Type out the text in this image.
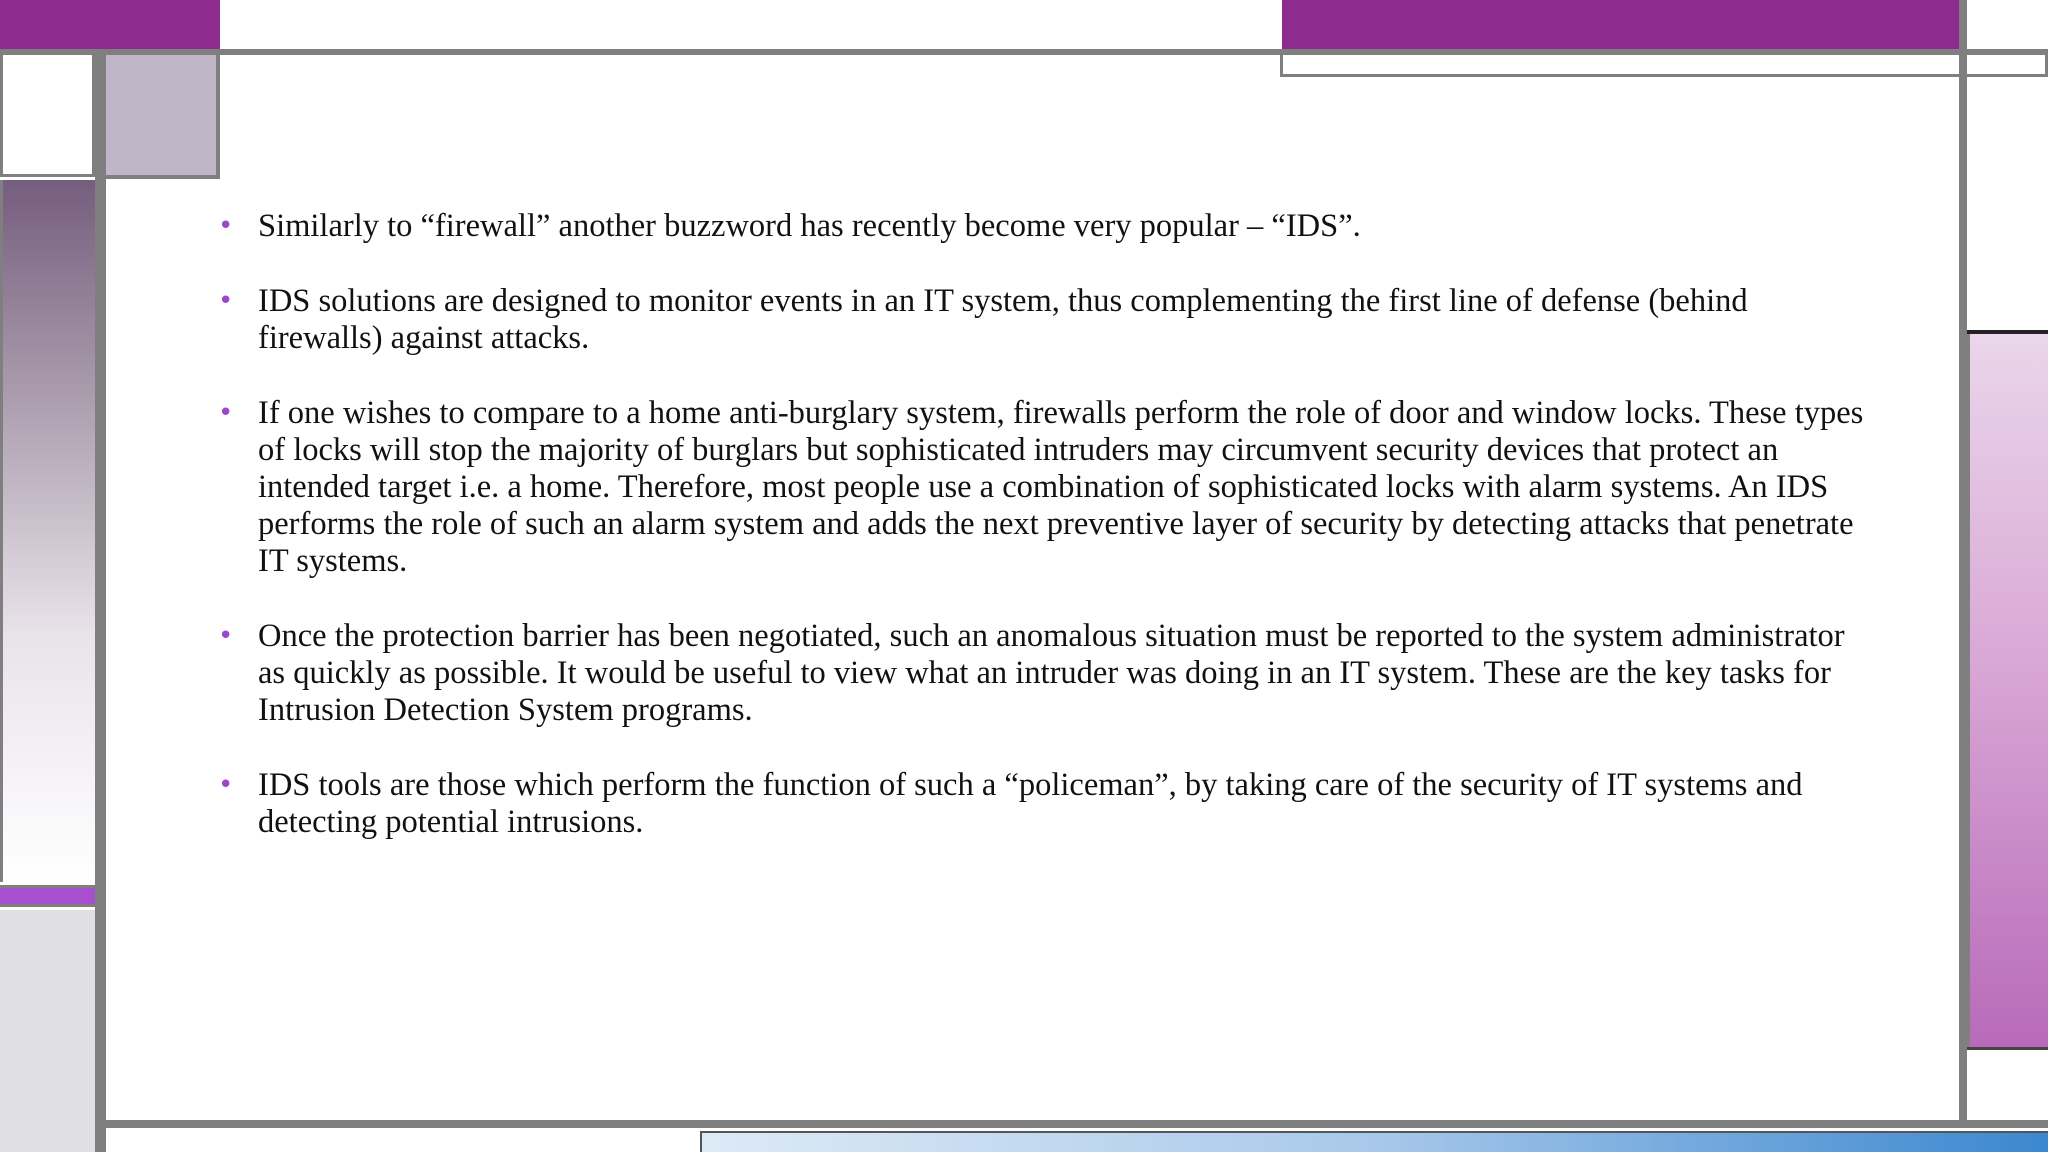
• Similarly to “firewall” another buzzword has recently become very popular – “IDS”.
• IDS solutions are designed to monitor events in an IT system, thus complementing the first line of defense (behind firewalls) against attacks.
• If one wishes to compare to a home anti-burglary system, firewalls perform the role of door and window locks. These types of locks will stop the majority of burglars but sophisticated intruders may circumvent security devices that protect an intended target i.e. a home. Therefore, most people use a combination of sophisticated locks with alarm systems. An IDS performs the role of such an alarm system and adds the next preventive layer of security by detecting attacks that penetrate IT systems.
• Once the protection barrier has been negotiated, such an anomalous situation must be reported to the system administrator as quickly as possible. It would be useful to view what an intruder was doing in an IT system. These are the key tasks for Intrusion Detection System programs.
• IDS tools are those which perform the function of such a “policeman”, by taking care of the security of IT systems and detecting potential intrusions.
